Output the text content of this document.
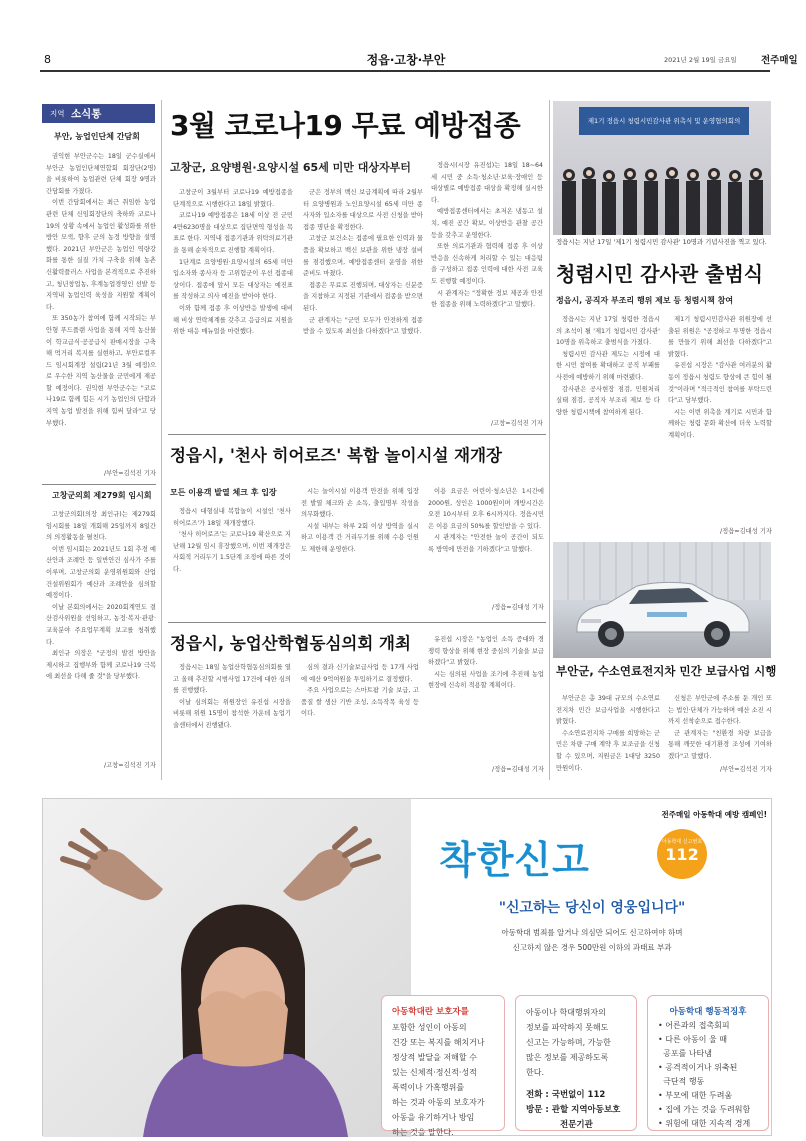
8	정읍·고창·부안	2021년 2월 19일 금요일	전주매일
지역 소식통
부안, 농업인단체 간담회

권익현 부안군수는 18일 군수실에서 부안군 농업인단체연합회 회장단(2명)을 비롯하여 농업관련 단체 회장 9명과 간담회를 가졌다.

이번 간담회에서는 최근 취임한 농업관련 단체 신임회장단의 축하와 코로나19의 상황 속에서 농업인 활성화를 위한 방안 모색, 향후 군의 농정 방향을 설명했다. 2021년 부안군은 농업인 역량강화를 통한 실질 가치 구축을 위해 농촌 신활력플러스 사업을 본격적으로 추진하고, 청년창업농, 후계농업경영인 선발 등 지역내 농업인력 육성을 지원할 계획이다.

또 350농가 참여에 함께 시작되는 부안형 푸드플랜 사업을 통해 지역 농산물이 학교급식·공공급식 판매시장을 구축해 먹거리 복지를 실현하고, 부안로컬푸드 임시회계장 설립(21년 3월 예정)으로 우수한 지역 농산물을 군민에게 제공할 예정이다. 권익현 부안군수는 "코로나19로 함께 힘든 시기 농업인의 단합과 지역 농업 발전을 위해 힘써 달라"고 당부했다.

/부안=김석진 기자
고창군의회 제279회 임시회

고창군의회(의장 최인규)는 제279회 임시회를 18일 개회해 25일까지 8일간의 의정활동을 펼친다.

이번 임시회는 2021년도 1회 추경 예산안과 조례안 등 일반안건 심사가 주를 이루며, 고창군의회 운영위원회와 산업건설위원회가 예산과 조례안을 심의할 예정이다.

이날 본회의에서는 2020회계연도 결산검사위원을 선임하고, 농정·복지·관광·교육분야 주요업무계획 보고를 청취했다.

최인규 의장은 "군정의 발전 방안을 제시하고 집행부와 함께 코로나19 극복에 최선을 다해 줄 것"을 당부했다.

/고창=김석진 기자
3월 코로나19 무료 예방접종
고창군, 요양병원·요양시설 65세 미만 대상자부터

고창군이 3월부터 코로나19 예방접종을 단계적으로 시행한다고 18일 밝혔다.

코로나19 예방접종은 18세 이상 전 군민 4만6230명을 대상으로 집단면역 형성을 목표로 한다. 지역내 접종기관과 위탁의료기관을 통해 순차적으로 진행할 계획이다.

1단계로 요양병원·요양시설의 65세 미만 입소자와 종사자 등 고위험군이 우선 접종대상이다. 접종에 앞서 모든 대상자는 예진표를 작성하고 의사 예진을 받아야 한다.

이와 함께 접종 후 이상반응 발생에 대비해 비상 연락체계를 갖추고 응급의료 지원을 위한 대응 매뉴얼을 마련했다.

군은 정부의 백신 보급계획에 따라 2월부터 요양병원과 노인요양시설 65세 미만 종사자와 입소자를 대상으로 사전 신청을 받아 접종 명단을 확정한다.

고창군 보건소는 접종에 필요한 인력과 물품을 확보하고 백신 보관을 위한 냉장 설비를 점검했으며, 예방접종센터 운영을 위한 준비도 마쳤다.

접종은 무료로 진행되며, 대상자는 신분증을 지참하고 지정된 기관에서 접종을 받으면 된다.

군 관계자는 "군민 모두가 안전하게 접종받을 수 있도록 최선을 다하겠다"고 말했다.

정읍시(시장 유진섭)는 18일 18~64세 시민 중 소득·청소년·보육·장애인 등 대상별로 예방접종 대상을 확정해 실시한다.

예방접종센터에서는 초저온 냉동고 설치, 예진 공간 확보, 이상반응 관찰 공간 등을 갖추고 운영한다.

또한 의료기관과 협력해 접종 후 이상반응을 신속하게 처리할 수 있는 대응팀을 구성하고 접종 인력에 대한 사전 교육도 진행할 예정이다.

시 관계자는 "정확한 정보 제공과 안전한 접종을 위해 노력하겠다"고 말했다.

/고창=김석진 기자
제1기 정읍시 청렴시민감사관 위촉식 및 운영협의회의
정읍시는 지난 17일 '제1기 청렴시민 감사관' 10명과 기념사진을 찍고 있다.
청렴시민 감사관 출범식
정읍시, 공직자 부조리 행위 제보 등 청렴시책 참여

정읍시는 지난 17일 청렴한 정읍시의 초석이 될 '제1기 청렴시민 감사관' 10명을 위촉하고 출범식을 가졌다.

청렴시민 감사관 제도는 시정에 대한 시민 참여를 확대하고 공직 부패를 사전에 예방하기 위해 마련됐다.

감사관은 공사현장 점검, 민원처리 실태 점검, 공직자 부조리 제보 등 다양한 청렴시책에 참여하게 된다.

제1기 청렴시민감사관 위원장에 선출된 위원은 "공정하고 투명한 정읍시를 만들기 위해 최선을 다하겠다"고 밝혔다.

유진섭 시장은 "감사관 여러분의 활동이 정읍시 청렴도 향상에 큰 힘이 될 것"이라며 "적극적인 참여를 부탁드린다"고 당부했다.

시는 이번 위촉을 계기로 시민과 함께하는 청렴 문화 확산에 더욱 노력할 계획이다.

/정읍=김대성 기자
정읍시, '천사 히어로즈' 복합 놀이시설 재개장
모든 이용객 발열 체크 후 입장

정읍시 대형실내 복합놀이 시설인 '천사 히어로즈'가 18일 재개장했다.

'천사 히어로즈'는 코로나19 확산으로 지난해 12월 임시 휴장했으며, 이번 재개장은 사회적 거리두기 1.5단계 조정에 따른 것이다.

시는 놀이시설 이용객 안전을 위해 입장 전 발열 체크와 손 소독, 출입명부 작성을 의무화했다.

시설 내부는 하루 2회 이상 방역을 실시하고 이용객 간 거리두기를 위해 수용 인원도 제한해 운영한다.

이용 요금은 어린이·청소년은 1시간에 2000원, 성인은 1000원이며 개방시간은 오전 10시부터 오후 6시까지다. 정읍시민은 이용 요금의 50%를 할인받을 수 있다.

시 관계자는 "안전한 놀이 공간이 되도록 방역에 만전을 기하겠다"고 말했다.

/정읍=김대성 기자
정읍시, 농업산학협동심의회 개최

정읍시는 18일 농업산학협동심의회를 열고 올해 추진할 시범사업 17건에 대한 심의를 진행했다.

이날 심의회는 위원장인 유진섭 시장을 비롯해 위원 15명이 참석한 가운데 농업기술센터에서 진행됐다.

심의 결과 신기술보급사업 등 17개 사업에 예산 9억여원을 투입하기로 결정했다.

주요 사업으로는 스마트팜 기술 보급, 고품질 쌀 생산 기반 조성, 소득작목 육성 등이다.

유진섭 시장은 "농업인 소득 증대와 경쟁력 향상을 위해 현장 중심의 기술을 보급하겠다"고 밝혔다.

시는 심의된 사업을 조기에 추진해 농업 현장에 신속히 적용할 계획이다.

/정읍=김대성 기자
부안군, 수소연료전지차 민간 보급사업 시행

부안군은 총 39대 규모의 수소연료전지차 민간 보급사업을 시행한다고 밝혔다.

수소연료전지차 구매를 희망하는 군민은 차량 구매 계약 후 보조금을 신청할 수 있으며, 지원금은 1대당 3250만원이다.

신청은 부안군에 주소를 둔 개인 또는 법인·단체가 가능하며 예산 소진 시까지 선착순으로 접수한다.

군 관계자는 "친환경 차량 보급을 통해 깨끗한 대기환경 조성에 기여하겠다"고 말했다.

/부안=김석진 기자
전주매일 아동학대 예방 캠페인!
착한신고	아동학대 신고번호
112
"신고하는 당신이 영웅입니다"
아동학대 범죄를 알거나 의심만 되어도 신고하여야 하며
신고하지 않은 경우 500만원 이하의 과태료 부과
아동학대란 보호자를
포함한 성인이 아동의
건강 또는 복지를 해치거나
정상적 발달을 저해할 수
있는 신체적·정신적·성적
폭력이나 가혹행위를
하는 것과 아동의 보호자가
아동을 유기하거나 방임
하는 것을 말한다.
아동이나 학대행위자의
정보를 파악하지 못해도
신고는 가능하며, 가능한
많은 정보를 제공하도록
한다.
전화 : 국번없이 112
방문 : 관할 지역아동보호
전문기관
아동학대 행동적징후
• 어른과의 접촉회피
• 다른 아동이 울 때
공포를 나타냄
• 공격적이거나 위축된
극단적 행동
• 부모에 대한 두려움
• 집에 가는 것을 두려워함
• 위험에 대한 지속적 경계
